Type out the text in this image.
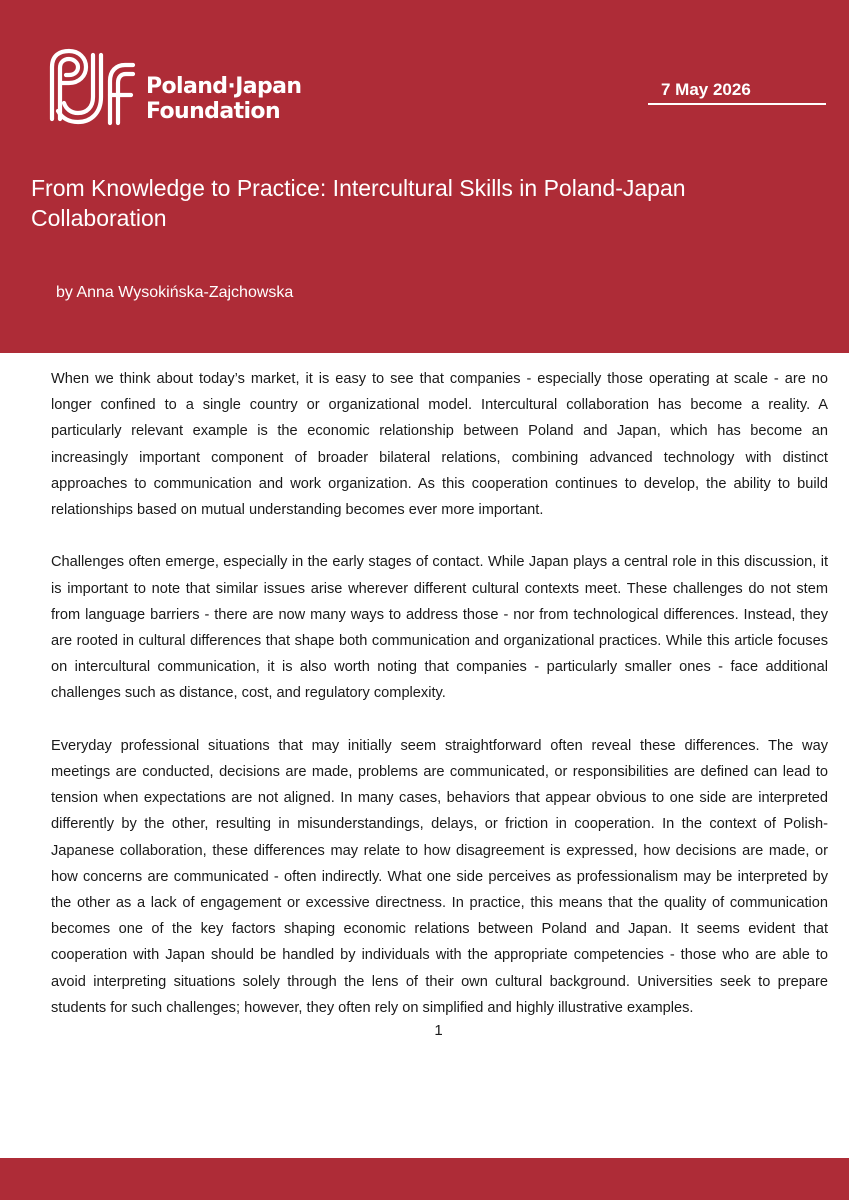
Poland·Japan
Foundation
7 May 2026
From Knowledge to Practice: Intercultural Skills in Poland-Japan Collaboration
by Anna Wysokińska-Zajchowska

When we think about today’s market, it is easy to see that companies - especially those operating at scale - are no longer confined to a single country or organizational model. Intercultural collaboration has become a reality. A particularly relevant example is the economic relationship between Poland and Japan, which has become an increasingly important component of broader bilateral relations, combining advanced technology with distinct approaches to communication and work organization. As this cooperation continues to develop, the ability to build relationships based on mutual understanding becomes ever more important.

Challenges often emerge, especially in the early stages of contact. While Japan plays a central role in this discussion, it is important to note that similar issues arise wherever different cultural contexts meet. These challenges do not stem from language barriers - there are now many ways to address those - nor from technological differences. Instead, they are rooted in cultural differences that shape both communication and organizational practices. While this article focuses on intercultural communication, it is also worth noting that companies - particularly smaller ones - face additional challenges such as distance, cost, and regulatory complexity.

Everyday professional situations that may initially seem straightforward often reveal these differences. The way meetings are conducted, decisions are made, problems are communicated, or responsibilities are defined can lead to tension when expectations are not aligned. In many cases, behaviors that appear obvious to one side are interpreted differently by the other, resulting in misunderstandings, delays, or friction in cooperation. In the context of Polish-Japanese collaboration, these differences may relate to how disagreement is expressed, how decisions are made, or how concerns are communicated - often indirectly. What one side perceives as professionalism may be interpreted by the other as a lack of engagement or excessive directness. In practice, this means that the quality of communication becomes one of the key factors shaping economic relations between Poland and Japan. It seems evident that cooperation with Japan should be handled by individuals with the appropriate competencies - those who are able to avoid interpreting situations solely through the lens of their own cultural background. Universities seek to prepare students for such challenges; however, they often rely on simplified and highly illustrative examples.

1
